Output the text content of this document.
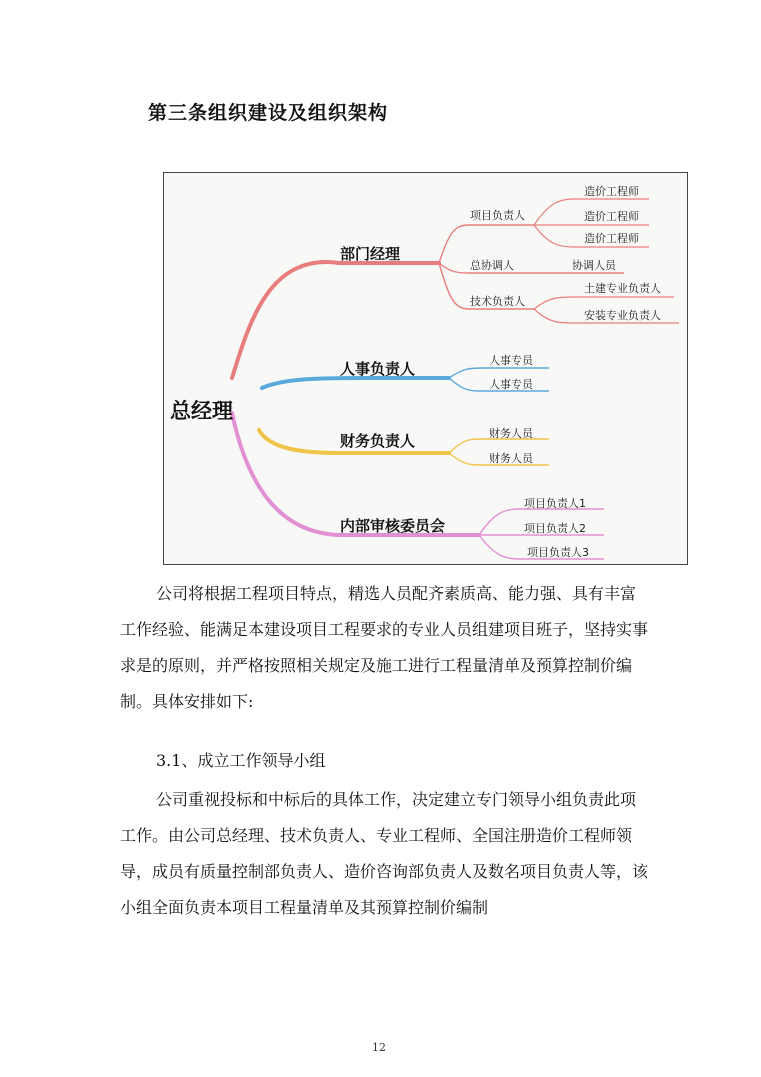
第三条组织建设及组织架构
总经理
部门经理
项目负责人
造价工程师
造价工程师
造价工程师
总协调人	协调人员
技术负责人
土建专业负责人
安装专业负责人
人事负责人	人事专员
人事专员
财务负责人	财务人员
财务人员
内部审核委员会
项目负责人1
项目负责人2
项目负责人3
公司将根据工程项目特点，精选人员配齐素质高、能力强、具有丰富工作经验、能满足本建设项目工程要求的专业人员组建项目班子，坚持实事求是的原则，并严格按照相关规定及施工进行工程量清单及预算控制价编制。具体安排如下:
3.1、成立工作领导小组
公司重视投标和中标后的具体工作，决定建立专门领导小组负责此项工作。由公司总经理、技术负责人、专业工程师、全国注册造价工程师领导，成员有质量控制部负责人、造价咨询部负责人及数名项目负责人等，该小组全面负责本项目工程量清单及其预算控制价编制
12
